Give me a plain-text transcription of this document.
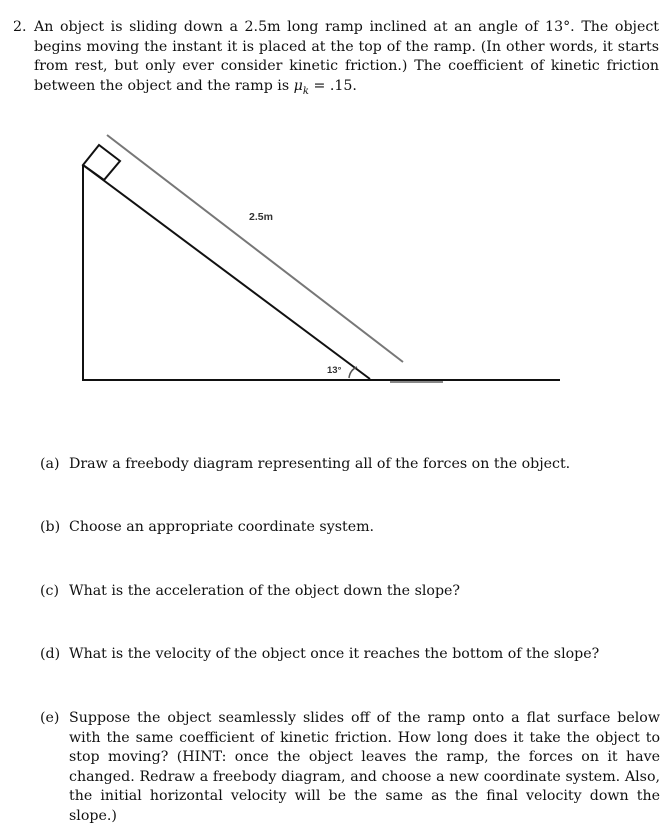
2. An object is sliding down a 2.5m long ramp inclined at an angle of 13°. The object begins moving the instant it is placed at the top of the ramp. (In other words, it starts from rest, but only ever consider kinetic friction.) The coefficient of kinetic friction between the object and the ramp is $\mu_k = .15$.
2.5m
13°
(a) Draw a freebody diagram representing all of the forces on the object.
(b) Choose an appropriate coordinate system.
(c) What is the acceleration of the object down the slope?
(d) What is the velocity of the object once it reaches the bottom of the slope?
(e) Suppose the object seamlessly slides off of the ramp onto a flat surface below with the same coefficient of kinetic friction. How long does it take the object to stop moving? (HINT: once the object leaves the ramp, the forces on it have changed. Redraw a freebody diagram, and choose a new coordinate system. Also, the initial horizontal velocity will be the same as the final velocity down the slope.)
